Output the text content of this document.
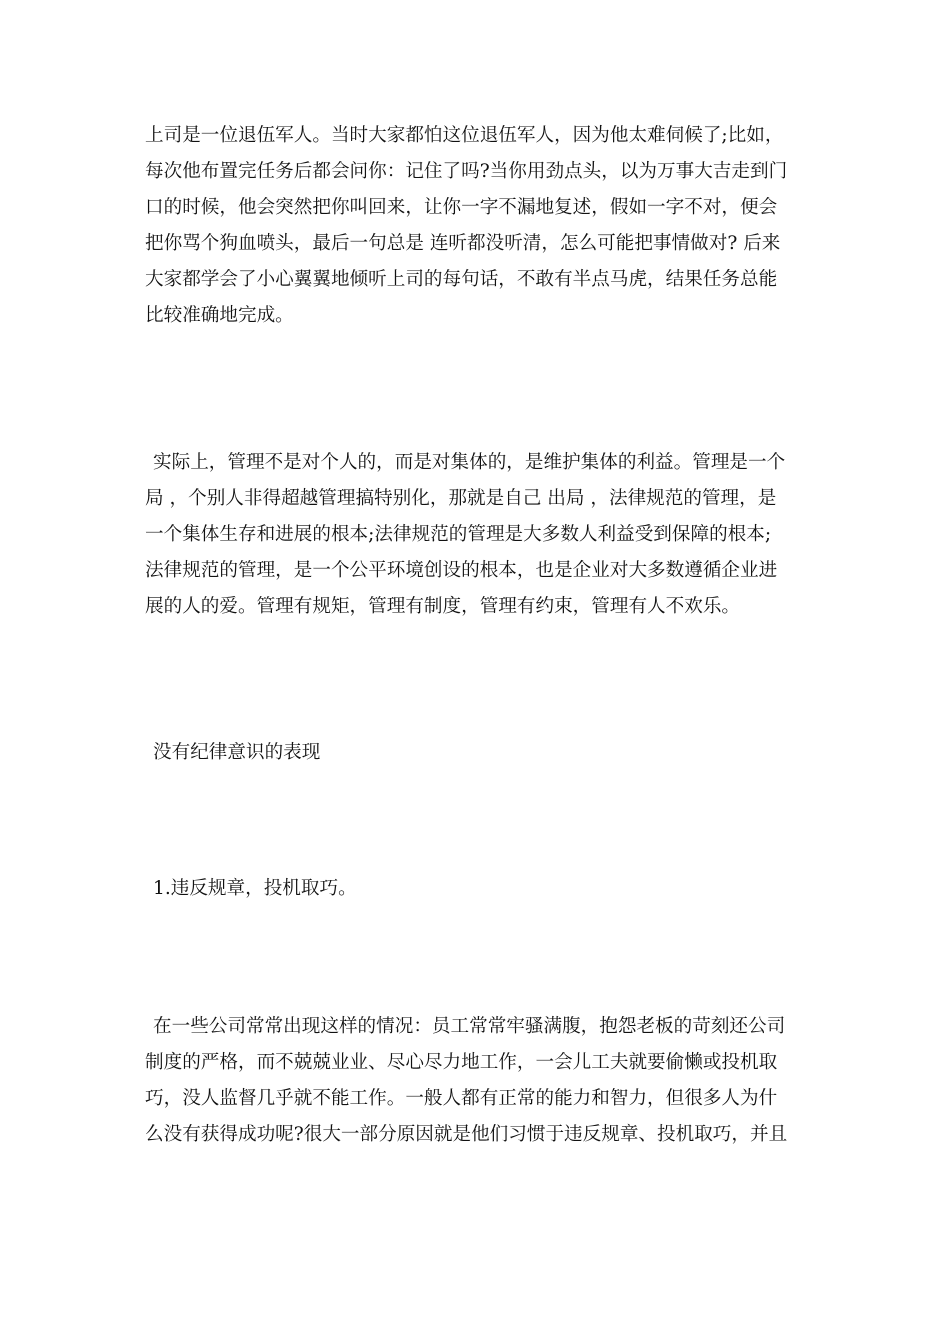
上司是一位退伍军人。当时大家都怕这位退伍军人，因为他太难伺候了;比如，
每次他布置完任务后都会问你：记住了吗?当你用劲点头，以为万事大吉走到门
口的时候，他会突然把你叫回来，让你一字不漏地复述，假如一字不对，便会
把你骂个狗血喷头，最后一句总是 连听都没听清，怎么可能把事情做对? 后来
大家都学会了小心翼翼地倾听上司的每句话，不敢有半点马虎，结果任务总能
比较准确地完成。
实际上，管理不是对个人的，而是对集体的，是维护集体的利益。管理是一个
局 ，个别人非得超越管理搞特别化，那就是自己 出局 ，法律规范的管理，是
一个集体生存和进展的根本;法律规范的管理是大多数人利益受到保障的根本;
法律规范的管理，是一个公平环境创设的根本，也是企业对大多数遵循企业进
展的人的爱。管理有规矩，管理有制度，管理有约束，管理有人不欢乐。
没有纪律意识的表现
1.违反规章，投机取巧。
在一些公司常常出现这样的情况：员工常常牢骚满腹，抱怨老板的苛刻还公司
制度的严格，而不兢兢业业、尽心尽力地工作，一会儿工夫就要偷懒或投机取
巧，没人监督几乎就不能工作。一般人都有正常的能力和智力，但很多人为什
么没有获得成功呢?很大一部分原因就是他们习惯于违反规章、投机取巧，并且
